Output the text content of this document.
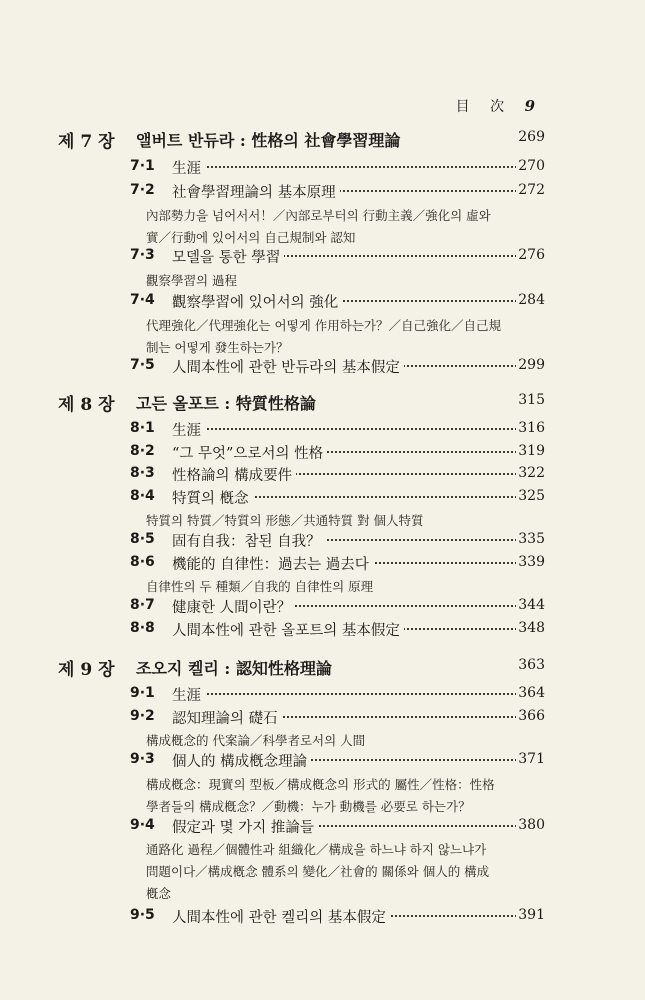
目 次 9
제 7 장 앨버트 반듀라 : 性格의 社會學習理論	269
7·1 生涯	270
7·2 社會學習理論의 基本原理	272
內部勢力을 넘어서서！／內部로부터의 行動主義／強化의 虛와
實／行動에 있어서의 自己規制와 認知
7·3 모델을 통한 學習	276
觀察學習의 過程
7·4 觀察學習에 있어서의 強化	284
代理強化／代理強化는 어떻게 作用하는가？／自己強化／自己規
制는 어떻게 發生하는가？
7·5 人間本性에 관한 반듀라의 基本假定	299
제 8 장 고든 올포트 : 特質性格論	315
8·1 生涯	316
8·2 “그 무엇”으로서의 性格	319
8·3 性格論의 構成要件	322
8·4 特質의 槪念	325
特質의 特質／特質의 形態／共通特質 對 個人特質
8·5 固有自我：참된 自我？	335
8·6 機能的 自律性：過去는 過去다	339
自律性의 두 種類／自我的 自律性의 原理
8·7 健康한 人間이란？	344
8·8 人間本性에 관한 올포트의 基本假定	348
제 9 장 조오지 켈리 : 認知性格理論	363
9·1 生涯	364
9·2 認知理論의 礎石	366
構成槪念的 代案論／科學者로서의 人間
9·3 個人的 構成槪念理論	371
構成槪念：現實의 型板／構成槪念의 形式的 屬性／性格：性格
學者들의 構成槪念？／動機：누가 動機를 必要로 하는가？
9·4 假定과 몇 가지 推論들	380
通路化 過程／個體性과 組織化／構成을 하느냐 하지 않느냐가
問題이다／構成槪念 體系의 變化／社會的 關係와 個人的 構成
槪念
9·5 人間本性에 관한 켈리의 基本假定	391
